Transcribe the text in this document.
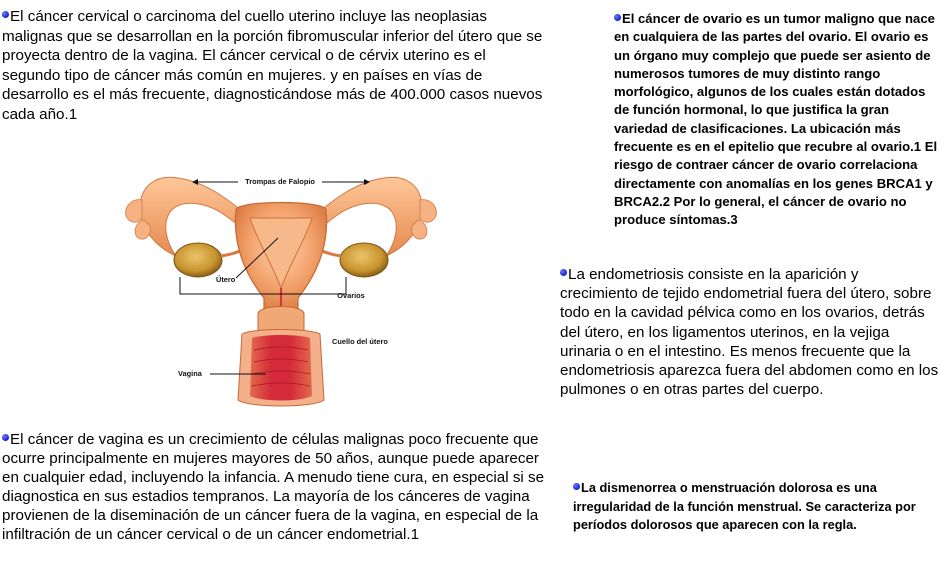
El cáncer cervical o carcinoma del cuello uterino incluye las neoplasias malignas que se desarrollan en la porción fibromuscular inferior del útero que se proyecta dentro de la vagina. El cáncer cervical o de cérvix uterino es el segundo tipo de cáncer más común en mujeres. y en países en vías de desarrollo es el más frecuente, diagnosticándose más de 400.000 casos nuevos cada año.1

El cáncer de ovario es un tumor maligno que nace en cualquiera de las partes del ovario. El ovario es un órgano muy complejo que puede ser asiento de numerosos tumores de muy distinto rango morfológico, algunos de los cuales están dotados de función hormonal, lo que justifica la gran variedad de clasificaciones. La ubicación más frecuente es en el epitelio que recubre al ovario.1 El riesgo de contraer cáncer de ovario correlaciona directamente con anomalías en los genes BRCA1 y BRCA2.2 Por lo general, el cáncer de ovario no produce síntomas.3

La endometriosis consiste en la aparición y crecimiento de tejido endometrial fuera del útero, sobre todo en la cavidad pélvica como en los ovarios, detrás del útero, en los ligamentos uterinos, en la vejiga urinaria o en el intestino. Es menos frecuente que la endometriosis aparezca fuera del abdomen como en los pulmones o en otras partes del cuerpo.

El cáncer de vagina es un crecimiento de células malignas poco frecuente que ocurre principalmente en mujeres mayores de 50 años, aunque puede aparecer en cualquier edad, incluyendo la infancia. A menudo tiene cura, en especial si se diagnostica en sus estadios tempranos. La mayoría de los cánceres de vagina provienen de la diseminación de un cáncer fuera de la vagina, en especial de la infiltración de un cáncer cervical o de un cáncer endometrial.1

La dismenorrea o menstruación dolorosa es una irregularidad de la función menstrual. Se caracteriza por períodos dolorosos que aparecen con la regla.

Trompas de Falopio
Útero
Ovarios
Cuello del útero
Vagina
